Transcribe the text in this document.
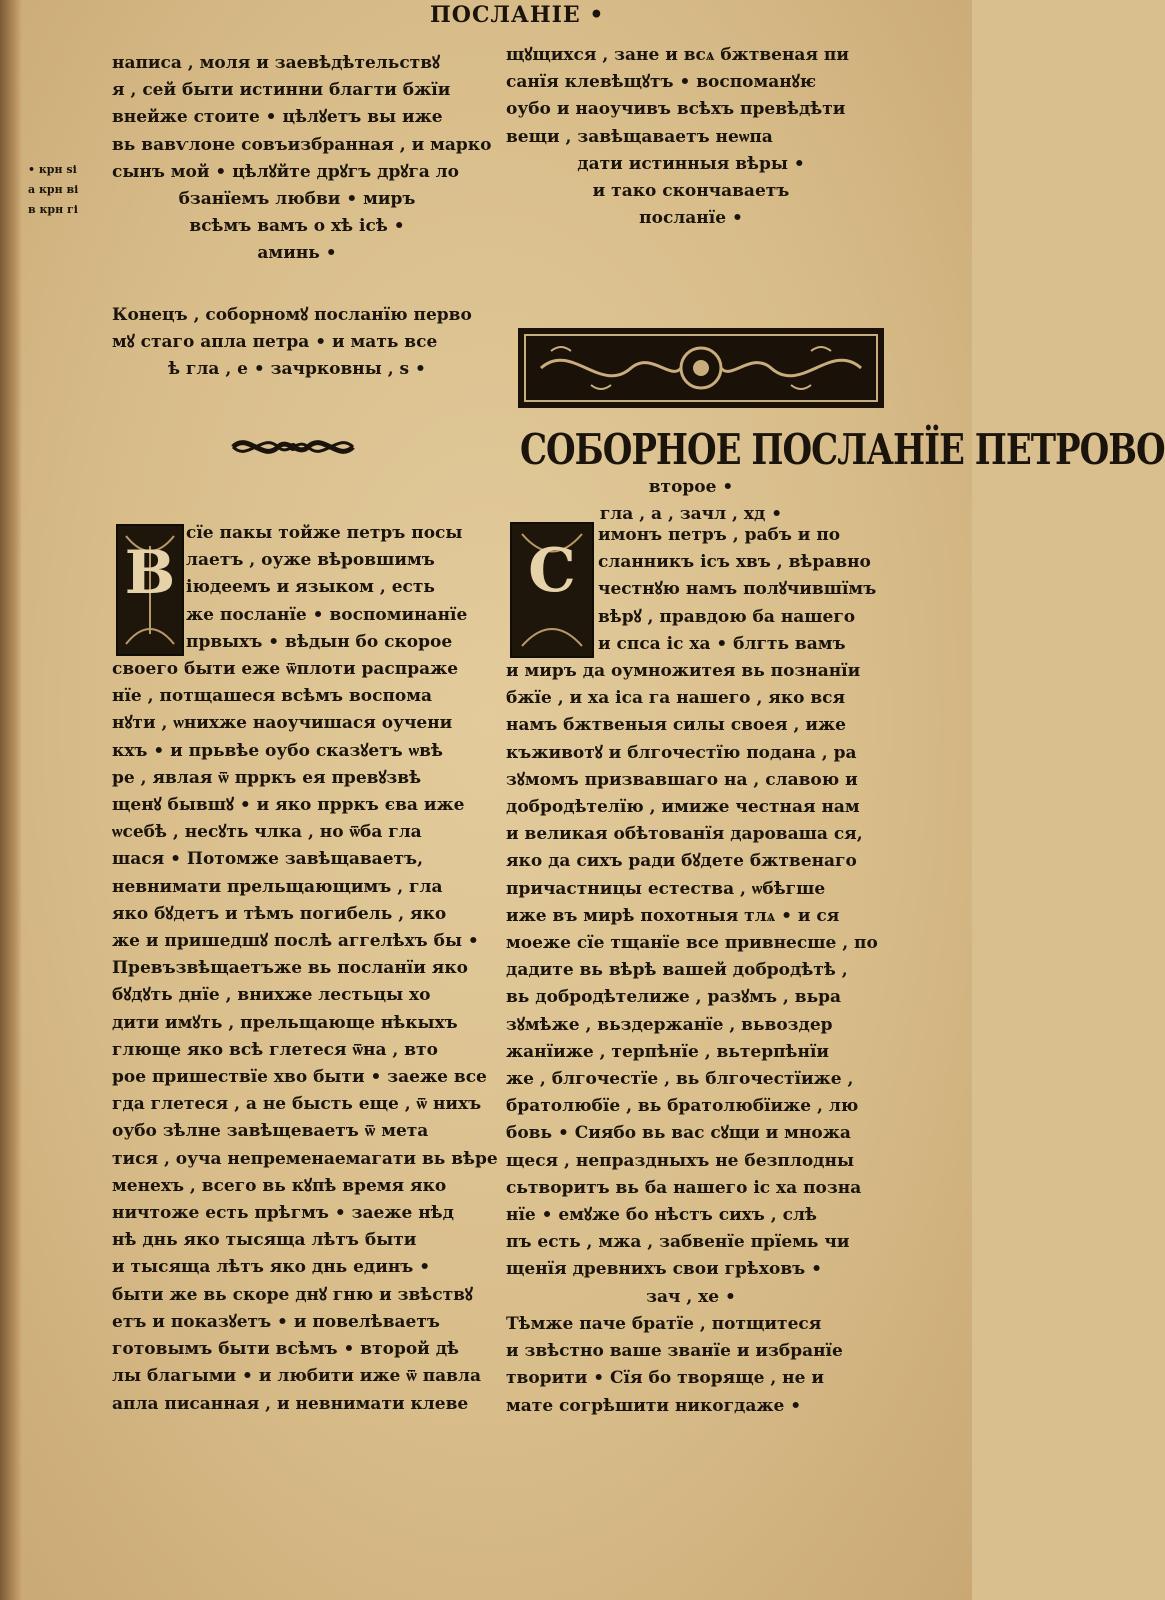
ПОСЛАНІЕ •
• крн ѕі
а крн ві
в крн гі
написа , моля и заевѣдѣтельствꙋ
я , сей быти истинни благти бжїи
внейже стоите • цѣлꙋетъ вы иже
вь вавѵлоне совъизбранная , и марко
сынъ мой • цѣлꙋйте дрꙋгъ дрꙋга ло
бзанїемъ любви • миръ
всѣмъ вамъ о хѣ ісѣ •
аминь •
Конецъ , соборномꙋ посланїю перво
мꙋ стаго апла петра • и мать все
ѣ гла , е • зачрковны , ѕ •
В
сїе пакы тойже петръ посы
лаетъ , оужe вѣровшимъ
іюдеемъ и языком , есть
же посланїе • воспоминанїе
првыхъ • вѣдын бо скорое
своего быти еже ѿплоти распраже
нїе , потщашеся всѣмъ воспома
нꙋти , ѡнихже наоучишася оучени
кхъ • и прьвѣе оубо сказꙋетъ ѡвѣ
ре , явлая ѿ прркъ ея превꙋзвѣ
щенꙋ бывшꙋ • и яко прркъ єва иже
ѡсебѣ , несꙋть члка , но ѿба гла
шася • Потомже завѣщаваетъ,
невнимати прельщающимъ , гла
яко бꙋдетъ и тѣмъ погибель , яко
же и пришедшꙋ послѣ аггелѣхъ бы •
Превъзвѣщаетъже вь посланїи яко
бꙋдꙋть днїе , внихже лестьцы хо
дити имꙋть , прельщающе нѣкыхъ
глюще яко всѣ глетеся ѿна , вто
рое пришествїе хво быти • заеже все
гда глетеся , а не бысть еще , ѿ нихъ
оубо зѣлне завѣщеваетъ ѿ мета
тися , оучa непременаемагати вь вѣре
менехъ , всего вь кꙋпѣ время яко
ничтоже есть прѣгмъ • заеже нѣд
нѣ днь яко тысяща лѣтъ быти
и тысяща лѣтъ яко днь единъ •
быти же вь скоре днꙋ гню и звѣствꙋ
етъ и показꙋетъ • и повелѣваетъ
готовымъ быти всѣмъ • второй дѣ
лы благыми • и любити иже ѿ павла
апла писанная , и невнимати клеве
щꙋщихся , зане и всѧ бжтвеная пи
санїя клевѣщꙋтъ • воспоманꙋѥ
оубо и наоучивъ всѣхъ превѣдѣти
вещи , завѣщаваетъ неѡпа
дати истинныя вѣры •
и тако скончаваетъ
посланїе •
СОБОРНОЕ ПОСЛАНЇЕ ПЕТРОВО
вторoе •
гла , а , зачл , хд •
С
имонъ петръ , рабъ и по
сланникъ ісъ хвъ , вѣравно
честнꙋю намъ полꙋчившїмъ
вѣрꙋ , правдою ба нашего
и спса іс ха • блгть вамъ
и миръ да оумножитея вь познанїи
бжїе , и ха іса га нашего , яко вся
намъ бжтвеныя силы своея , иже
къживотꙋ и блгочестїю подана , ра
зꙋмомъ призвавшаго на , славою и
добродѣтелїю , имиже честная нам
и великая обѣтованїя дароваша ся,
яко да сихъ ради бꙋдете бжтвенаго
причастницы естества , ѡбѣгше
иже въ мирѣ похотныя тлѧ • и ся
моеже сїе тщанїе все привнесше , по
дадите вь вѣрѣ вашей добродѣтѣ ,
вь добродѣтелиже , разꙋмъ , вьра
зꙋмѣже , вьздержанїе , вьвоздер
жанїиже , терпѣнїе , вьтерпѣнїи
же , блгочестїе , вь блгочестїиже ,
братолюбїе , вь братолюбїиже , лю
бовь • Сиябо вь вас сꙋщи и множа
щеся , непраздныхъ не безплодны
сьтворитъ вь ба нашего іс ха позна
нїе • емꙋже бо нѣстъ сихъ , слѣ
пъ есть , мжа , забвенїе прїемь чи
щенїя древнихъ свои грѣховъ •
зач , хе •
Тѣмже паче братїе , потщитеся
и звѣстно ваше званїе и избранїе
творити • Сїя бо творяще , не и
мате согрѣшити никогдаже •
